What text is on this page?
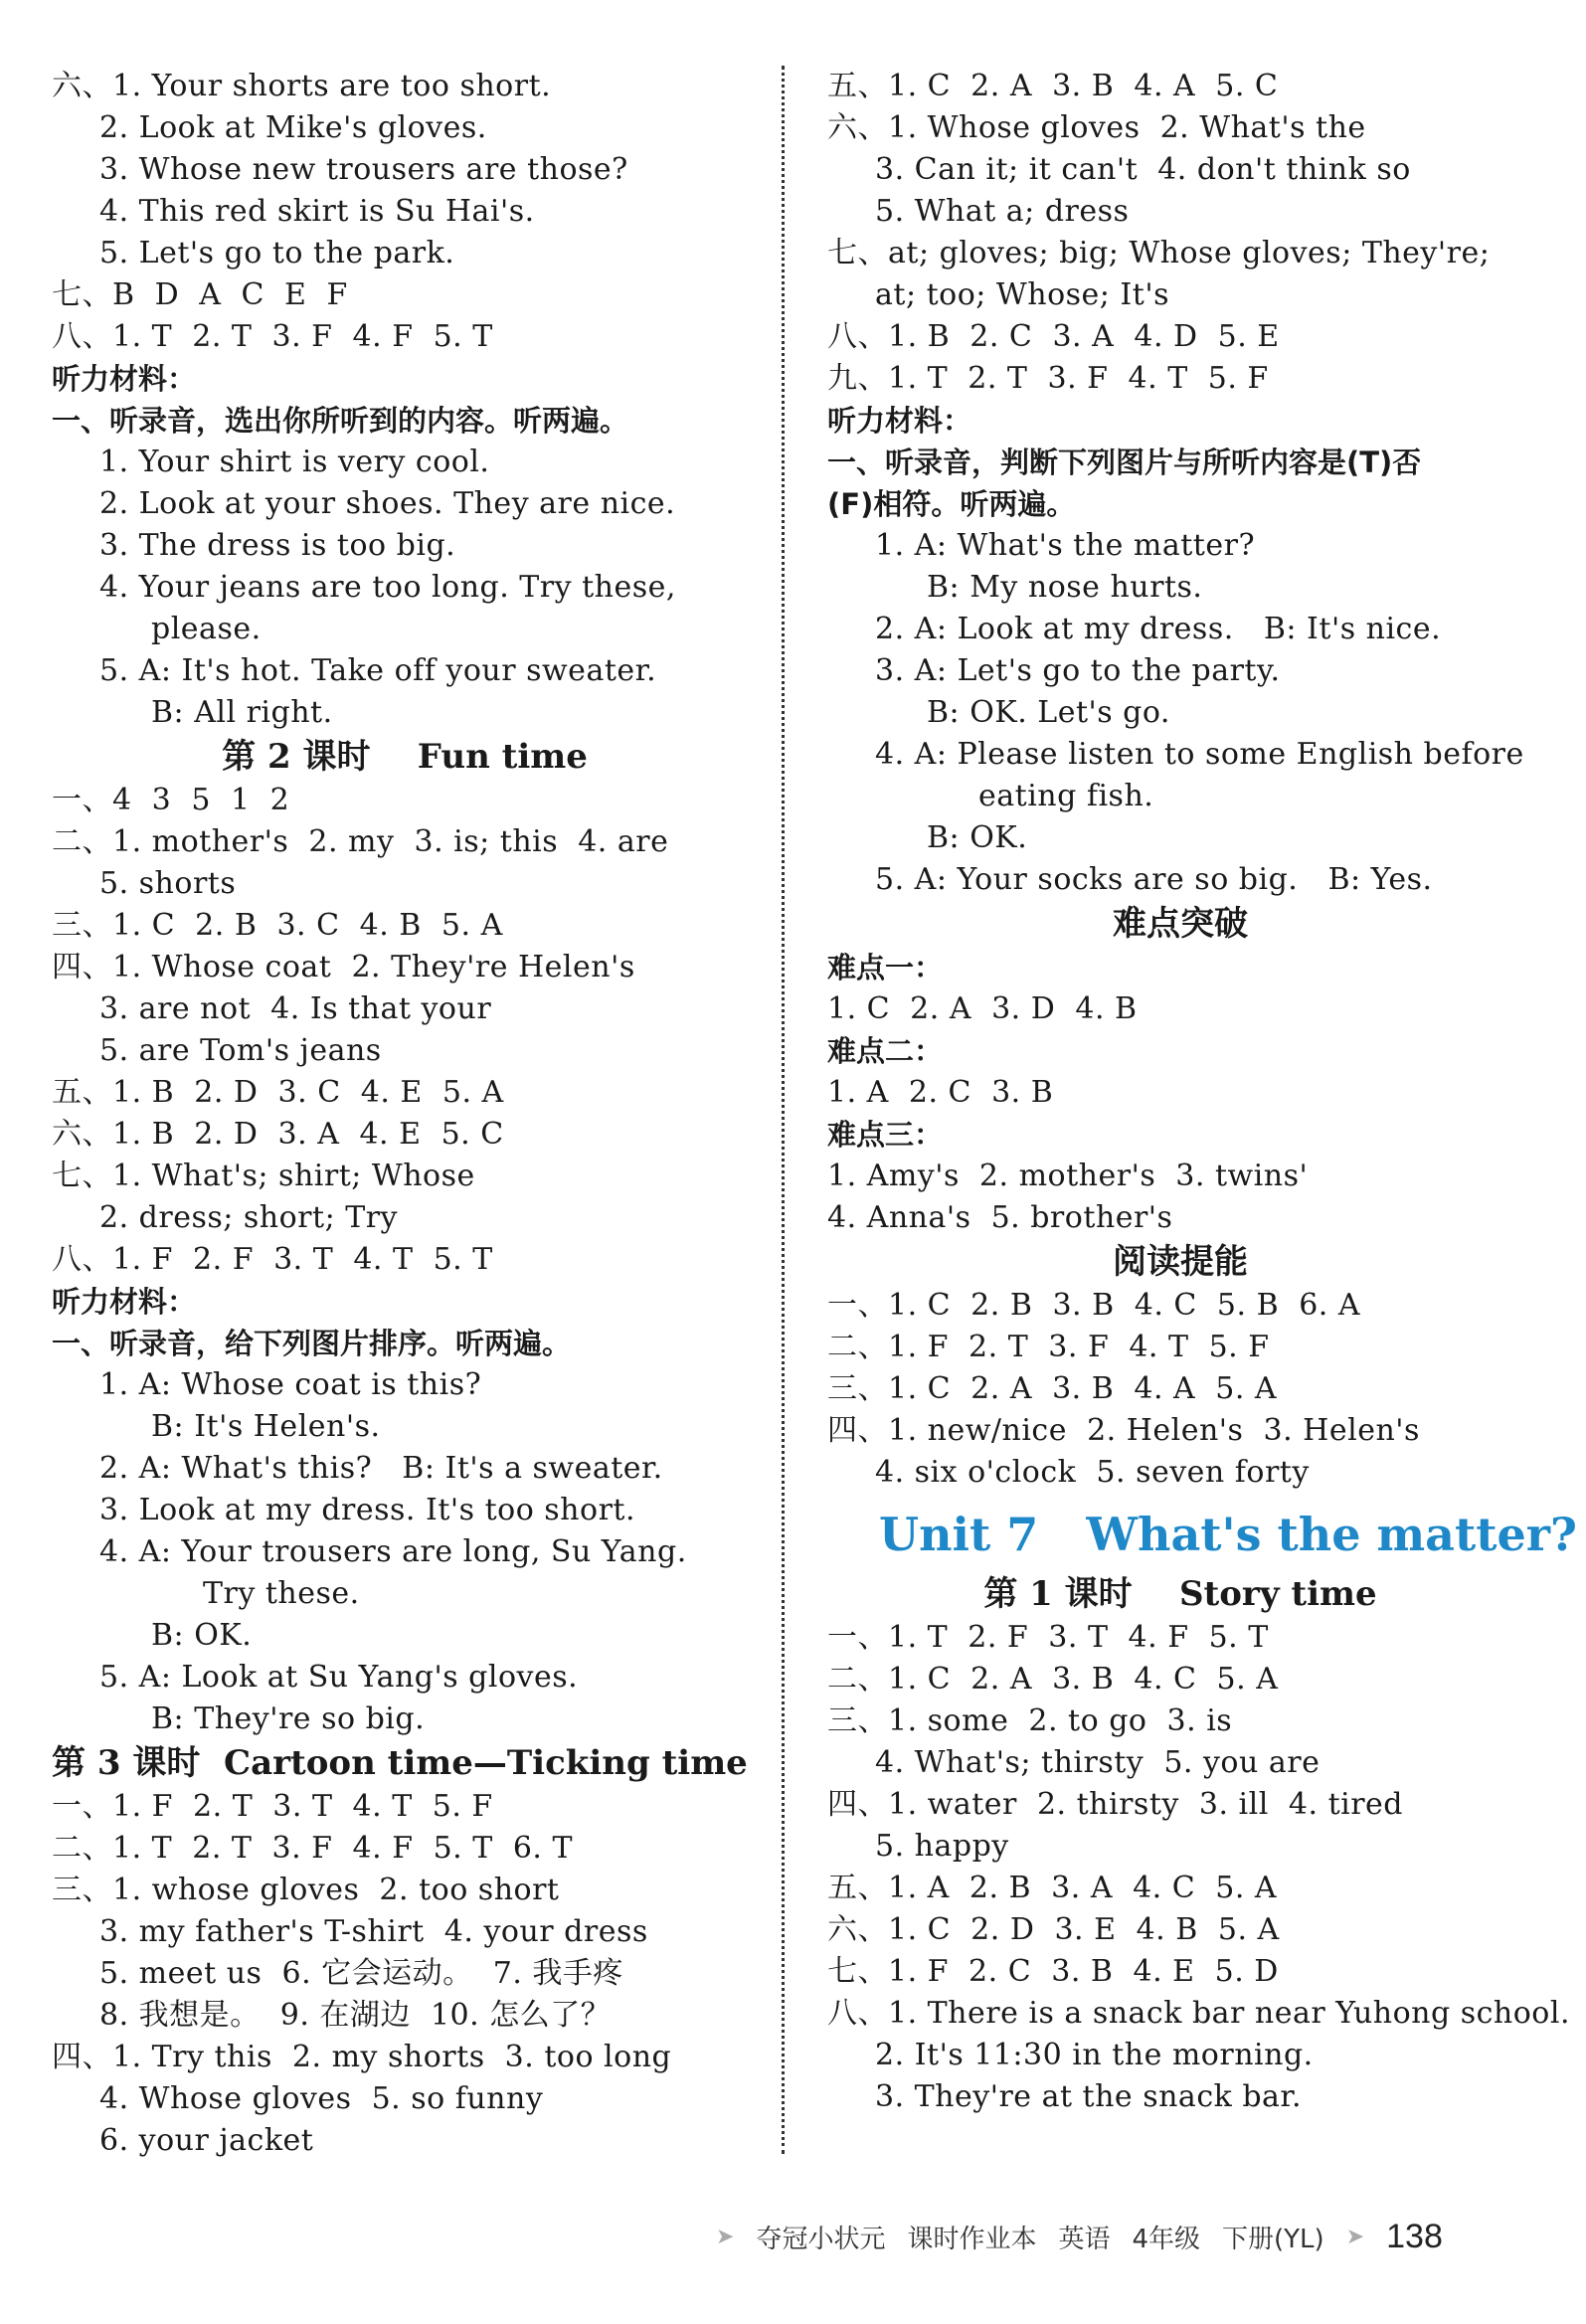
六、1. Your shorts are too short.
2. Look at Mike's gloves.
3. Whose new trousers are those?
4. This red skirt is Su Hai's.
5. Let's go to the park.
七、B  D  A  C  E  F
八、1. T  2. T  3. F  4. F  5. T
听力材料：
一、听录音，选出你所听到的内容。听两遍。
1. Your shirt is very cool.
2. Look at your shoes. They are nice.
3. The dress is too big.
4. Your jeans are too long. Try these,
please.
5. A: It's hot. Take off your sweater.
B: All right.
第 2 课时    Fun time
一、4  3  5  1  2
二、1. mother's  2. my  3. is; this  4. are
5. shorts
三、1. C  2. B  3. C  4. B  5. A
四、1. Whose coat  2. They're Helen's
3. are not  4. Is that your
5. are Tom's jeans
五、1. B  2. D  3. C  4. E  5. A
六、1. B  2. D  3. A  4. E  5. C
七、1. What's; shirt; Whose
2. dress; short; Try
八、1. F  2. F  3. T  4. T  5. T
听力材料：
一、听录音，给下列图片排序。听两遍。
1. A: Whose coat is this?
B: It's Helen's.
2. A: What's this?   B: It's a sweater.
3. Look at my dress. It's too short.
4. A: Your trousers are long, Su Yang.
Try these.
B: OK.
5. A: Look at Su Yang's gloves.
B: They're so big.
第 3 课时  Cartoon time—Ticking time
一、1. F  2. T  3. T  4. T  5. F
二、1. T  2. T  3. F  4. F  5. T  6. T
三、1. whose gloves  2. too short
3. my father's T-shirt  4. your dress
5. meet us  6. 它会运动。  7. 我手疼
8. 我想是。  9. 在湖边  10. 怎么了？
四、1. Try this  2. my shorts  3. too long
4. Whose gloves  5. so funny
6. your jacket
五、1. C  2. A  3. B  4. A  5. C
六、1. Whose gloves  2. What's the
3. Can it; it can't  4. don't think so
5. What a; dress
七、at; gloves; big; Whose gloves; They're;
at; too; Whose; It's
八、1. B  2. C  3. A  4. D  5. E
九、1. T  2. T  3. F  4. T  5. F
听力材料：
一、听录音，判断下列图片与所听内容是(T)否
(F)相符。听两遍。
1. A: What's the matter?
B: My nose hurts.
2. A: Look at my dress.   B: It's nice.
3. A: Let's go to the party.
B: OK. Let's go.
4. A: Please listen to some English before
eating fish.
B: OK.
5. A: Your socks are so big.   B: Yes.
难点突破
难点一：
1. C  2. A  3. D  4. B
难点二：
1. A  2. C  3. B
难点三：
1. Amy's  2. mother's  3. twins'
4. Anna's  5. brother's
阅读提能
一、1. C  2. B  3. B  4. C  5. B  6. A
二、1. F  2. T  3. F  4. T  5. F
三、1. C  2. A  3. B  4. A  5. A
四、1. new/nice  2. Helen's  3. Helen's
4. six o'clock  5. seven forty
Unit 7   What's the matter?
第 1 课时    Story time
一、1. T  2. F  3. T  4. F  5. T
二、1. C  2. A  3. B  4. C  5. A
三、1. some  2. to go  3. is
4. What's; thirsty  5. you are
四、1. water  2. thirsty  3. ill  4. tired
5. happy
五、1. A  2. B  3. A  4. C  5. A
六、1. C  2. D  3. E  4. B  5. A
七、1. F  2. C  3. B  4. E  5. D
八、1. There is a snack bar near Yuhong school.
2. It's 11:30 in the morning.
3. They're at the snack bar.
➤ 夺冠小状元 课时作业本 英语 4年级 下册(YL) ➤ 138
